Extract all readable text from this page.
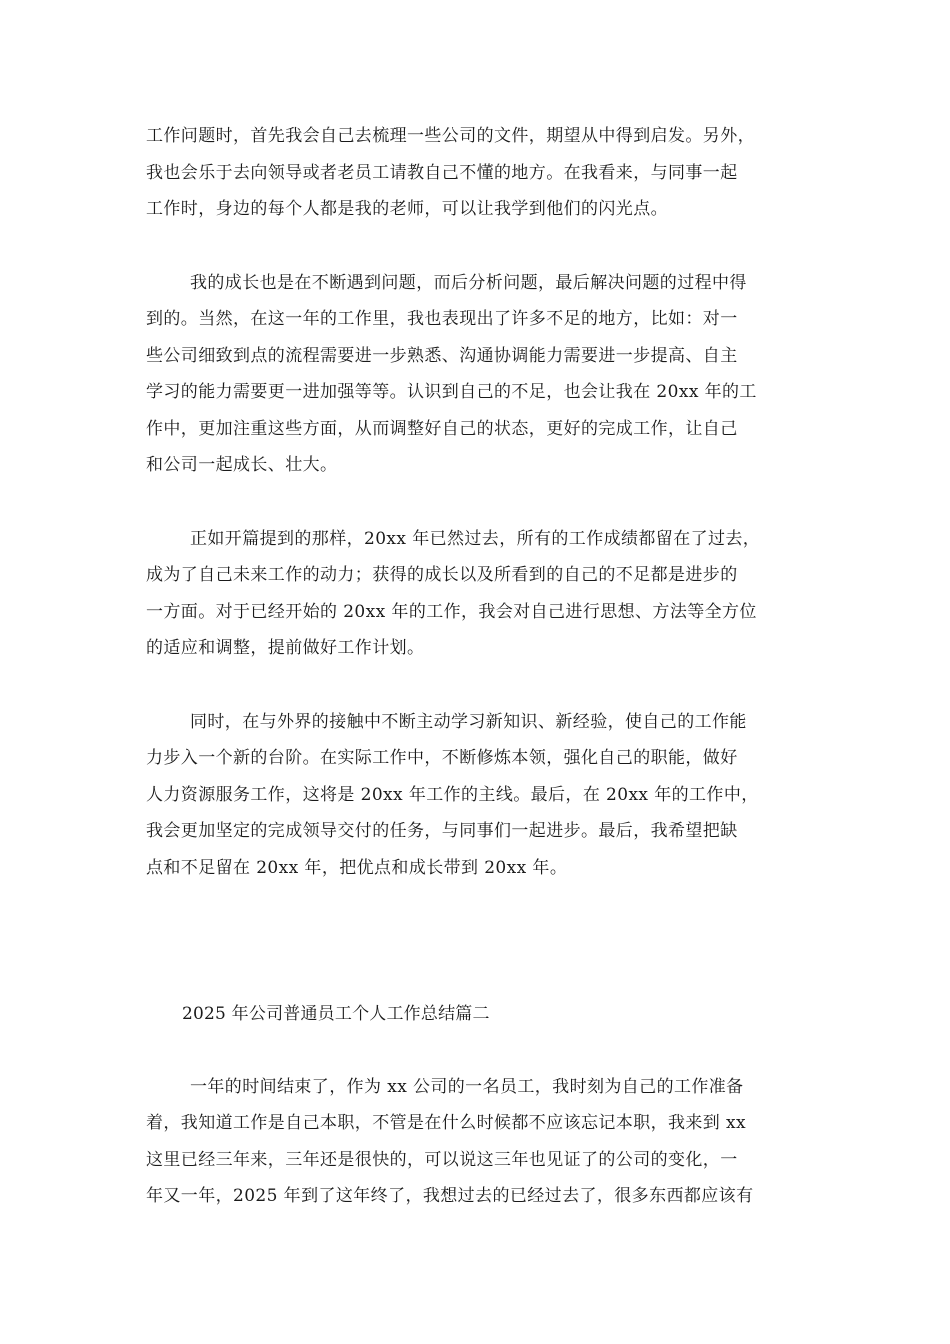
工作问题时，首先我会自己去梳理一些公司的文件，期望从中得到启发。另外，
我也会乐于去向领导或者老员工请教自己不懂的地方。在我看来，与同事一起
工作时，身边的每个人都是我的老师，可以让我学到他们的闪光点。
我的成长也是在不断遇到问题，而后分析问题，最后解决问题的过程中得
到的。当然，在这一年的工作里，我也表现出了许多不足的地方，比如：对一
些公司细致到点的流程需要进一步熟悉、沟通协调能力需要进一步提高、自主
学习的能力需要更一进加强等等。认识到自己的不足，也会让我在 20xx 年的工
作中，更加注重这些方面，从而调整好自己的状态，更好的完成工作，让自己
和公司一起成长、壮大。
正如开篇提到的那样，20xx 年已然过去，所有的工作成绩都留在了过去，
成为了自己未来工作的动力；获得的成长以及所看到的自己的不足都是进步的
一方面。对于已经开始的 20xx 年的工作，我会对自己进行思想、方法等全方位
的适应和调整，提前做好工作计划。
同时，在与外界的接触中不断主动学习新知识、新经验，使自己的工作能
力步入一个新的台阶。在实际工作中，不断修炼本领，强化自己的职能，做好
人力资源服务工作，这将是 20xx 年工作的主线。最后，在 20xx 年的工作中，
我会更加坚定的完成领导交付的任务，与同事们一起进步。最后，我希望把缺
点和不足留在 20xx 年，把优点和成长带到 20xx 年。

2025 年公司普通员工个人工作总结篇二

一年的时间结束了，作为 xx 公司的一名员工，我时刻为自己的工作准备
着，我知道工作是自己本职，不管是在什么时候都不应该忘记本职，我来到 xx
这里已经三年来，三年还是很快的，可以说这三年也见证了的公司的变化，一
年又一年，2025 年到了这年终了，我想过去的已经过去了，很多东西都应该有
